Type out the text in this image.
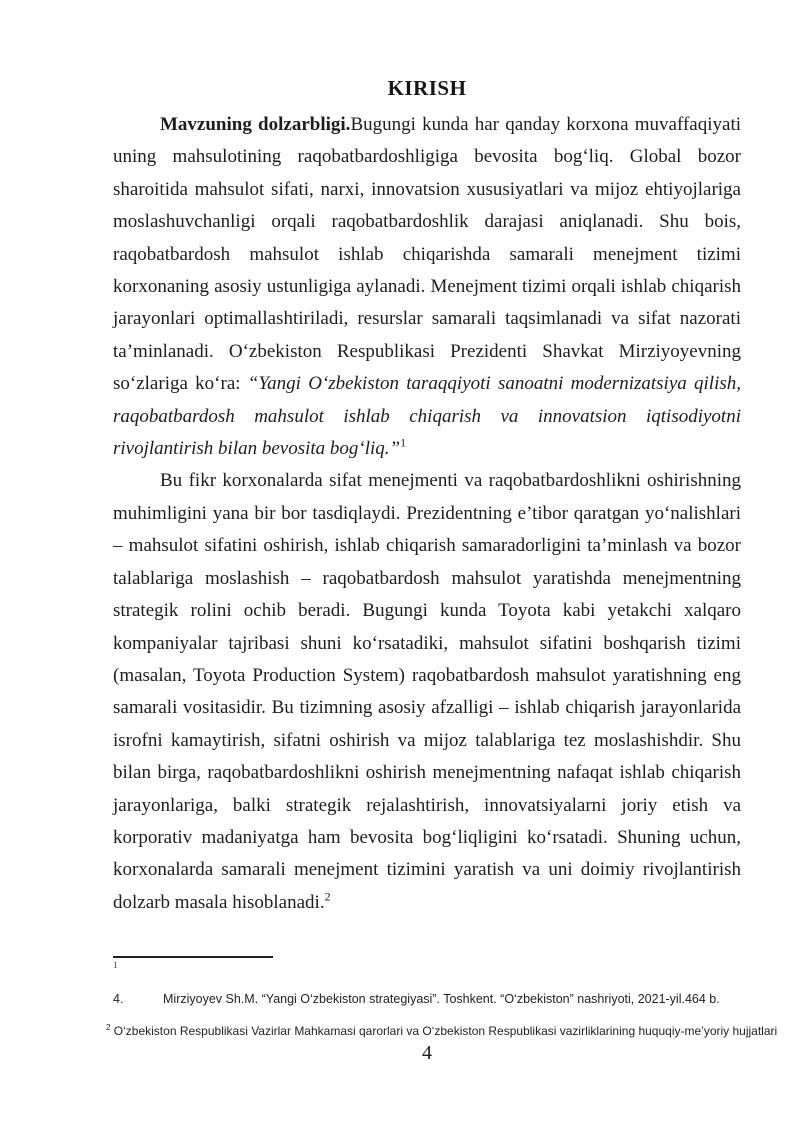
KIRISH

Mavzuning dolzarbligi.Bugungi kunda har qanday korxona muvaffaqiyati uning mahsulotining raqobatbardoshligiga bevosita bog‘liq. Global bozor sharoitida mahsulot sifati, narxi, innovatsion xususiyatlari va mijoz ehtiyojlariga moslashuvchanligi orqali raqobatbardoshlik darajasi aniqlanadi. Shu bois, raqobatbardosh mahsulot ishlab chiqarishda samarali menejment tizimi korxonaning asosiy ustunligiga aylanadi. Menejment tizimi orqali ishlab chiqarish jarayonlari optimallashtiriladi, resurslar samarali taqsimlanadi va sifat nazorati ta’minlanadi. O‘zbekiston Respublikasi Prezidenti Shavkat Mirziyoyevning so‘zlariga ko‘ra: “Yangi O‘zbekiston taraqqiyoti sanoatni modernizatsiya qilish, raqobatbardosh mahsulot ishlab chiqarish va innovatsion iqtisodiyotni rivojlantirish bilan bevosita bog‘liq.”$^1$

Bu fikr korxonalarda sifat menejmenti va raqobatbardoshlikni oshirishning muhimligini yana bir bor tasdiqlaydi. Prezidentning e’tibor qaratgan yo‘nalishlari – mahsulot sifatini oshirish, ishlab chiqarish samaradorligini ta’minlash va bozor talablariga moslashish – raqobatbardosh mahsulot yaratishda menejmentning strategik rolini ochib beradi. Bugungi kunda Toyota kabi yetakchi xalqaro kompaniyalar tajribasi shuni ko‘rsatadiki, mahsulot sifatini boshqarish tizimi (masalan, Toyota Production System) raqobatbardosh mahsulot yaratishning eng samarali vositasidir. Bu tizimning asosiy afzalligi – ishlab chiqarish jarayonlarida isrofni kamaytirish, sifatni oshirish va mijoz talablariga tez moslashishdir. Shu bilan birga, raqobatbardoshlikni oshirish menejmentning nafaqat ishlab chiqarish jarayonlariga, balki strategik rejalashtirish, innovatsiyalarni joriy etish va korporativ madaniyatga ham bevosita bog‘liqligini ko‘rsatadi. Shuning uchun, korxonalarda samarali menejment tizimini yaratish va uni doimiy rivojlantirish dolzarb masala hisoblanadi.$^2$

1
4.	Mirziyoyev Sh.M. “Yangi O‘zbekiston strategiyasi”. Toshkent. “O‘zbekiston” nashriyoti, 2021-yil.464 b.
$^2$ O‘zbekiston Respublikasi Vazirlar Mahkamasi qarorlari va O‘zbekiston Respublikasi vazirliklarining huquqiy-me’yoriy hujjatlari
4
